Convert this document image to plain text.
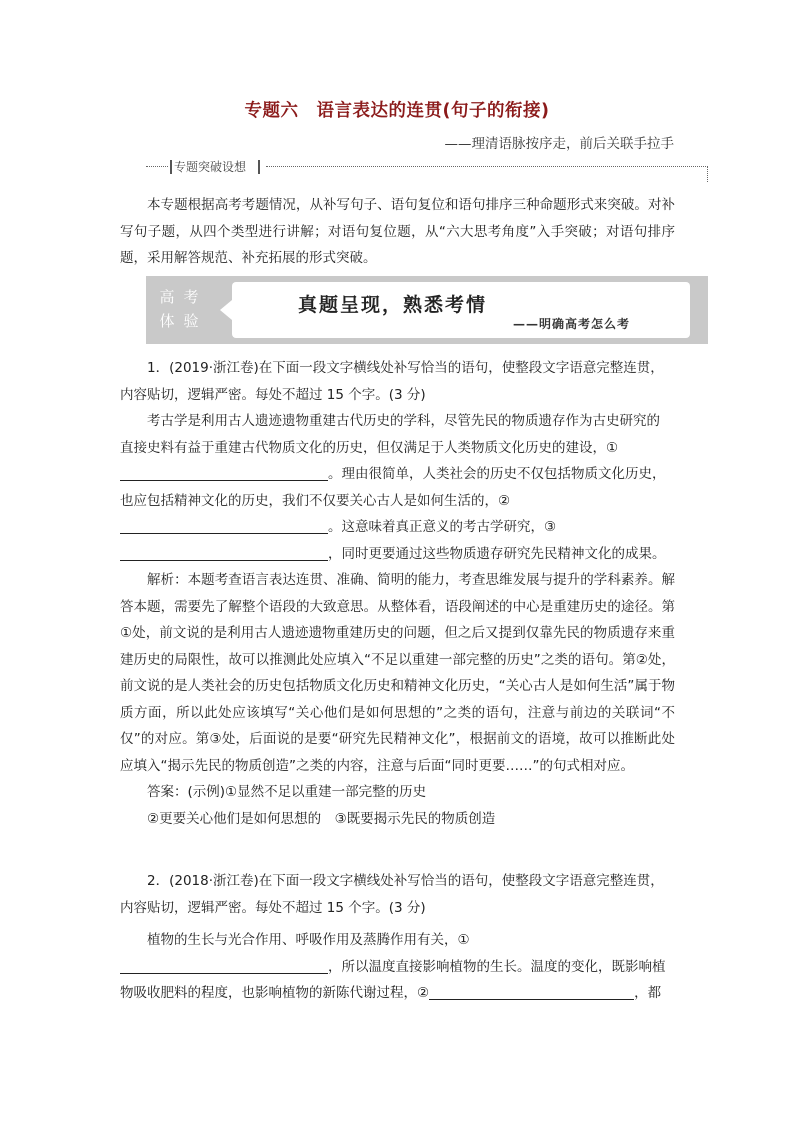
专题六　语言表达的连贯(句子的衔接)
——理清语脉按序走，前后关联手拉手
专题突破设想

本专题根据高考考题情况，从补写句子、语句复位和语句排序三种命题形式来突破。对补写句子题，从四个类型进行讲解；对语句复位题，从“六大思考角度”入手突破；对语句排序题，采用解答规范、补充拓展的形式突破。

高 考
体 验
真题呈现，熟悉考情
——明确高考怎么考
1．(2019·浙江卷)在下面一段文字横线处补写恰当的语句，使整段文字语意完整连贯，
内容贴切，逻辑严密。每处不超过 15 个字。(3 分)
考古学是利用古人遗迹遗物重建古代历史的学科，尽管先民的物质遗存作为古史研究的
直接史料有益于重建古代物质文化的历史，但仅满足于人类物质文化历史的建设，①
。理由很简单，人类社会的历史不仅包括物质文化历史，
也应包括精神文化的历史，我们不仅要关心古人是如何生活的，②
。这意味着真正意义的考古学研究，③
，同时更要通过这些物质遗存研究先民精神文化的成果。

解析：本题考查语言表达连贯、准确、简明的能力，考查思维发展与提升的学科素养。解答本题，需要先了解整个语段的大致意思。从整体看，语段阐述的中心是重建历史的途径。第①处，前文说的是利用古人遗迹遗物重建历史的问题，但之后又提到仅靠先民的物质遗存来重建历史的局限性，故可以推测此处应填入“不足以重建一部完整的历史”之类的语句。第②处，前文说的是人类社会的历史包括物质文化历史和精神文化历史，“关心古人是如何生活”属于物质方面，所以此处应该填写“关心他们是如何思想的”之类的语句，注意与前边的关联词“不仅”的对应。第③处，后面说的是要“研究先民精神文化”，根据前文的语境，故可以推断此处应填入“揭示先民的物质创造”之类的内容，注意与后面“同时更要……”的句式相对应。

答案：(示例)①显然不足以重建一部完整的历史
②更要关心他们是如何思想的　③既要揭示先民的物质创造
2．(2018·浙江卷)在下面一段文字横线处补写恰当的语句，使整段文字语意完整连贯，
内容贴切，逻辑严密。每处不超过 15 个字。(3 分)
植物的生长与光合作用、呼吸作用及蒸腾作用有关，①
，所以温度直接影响植物的生长。温度的变化，既影响植
物吸收肥料的程度，也影响植物的新陈代谢过程，②	，都
